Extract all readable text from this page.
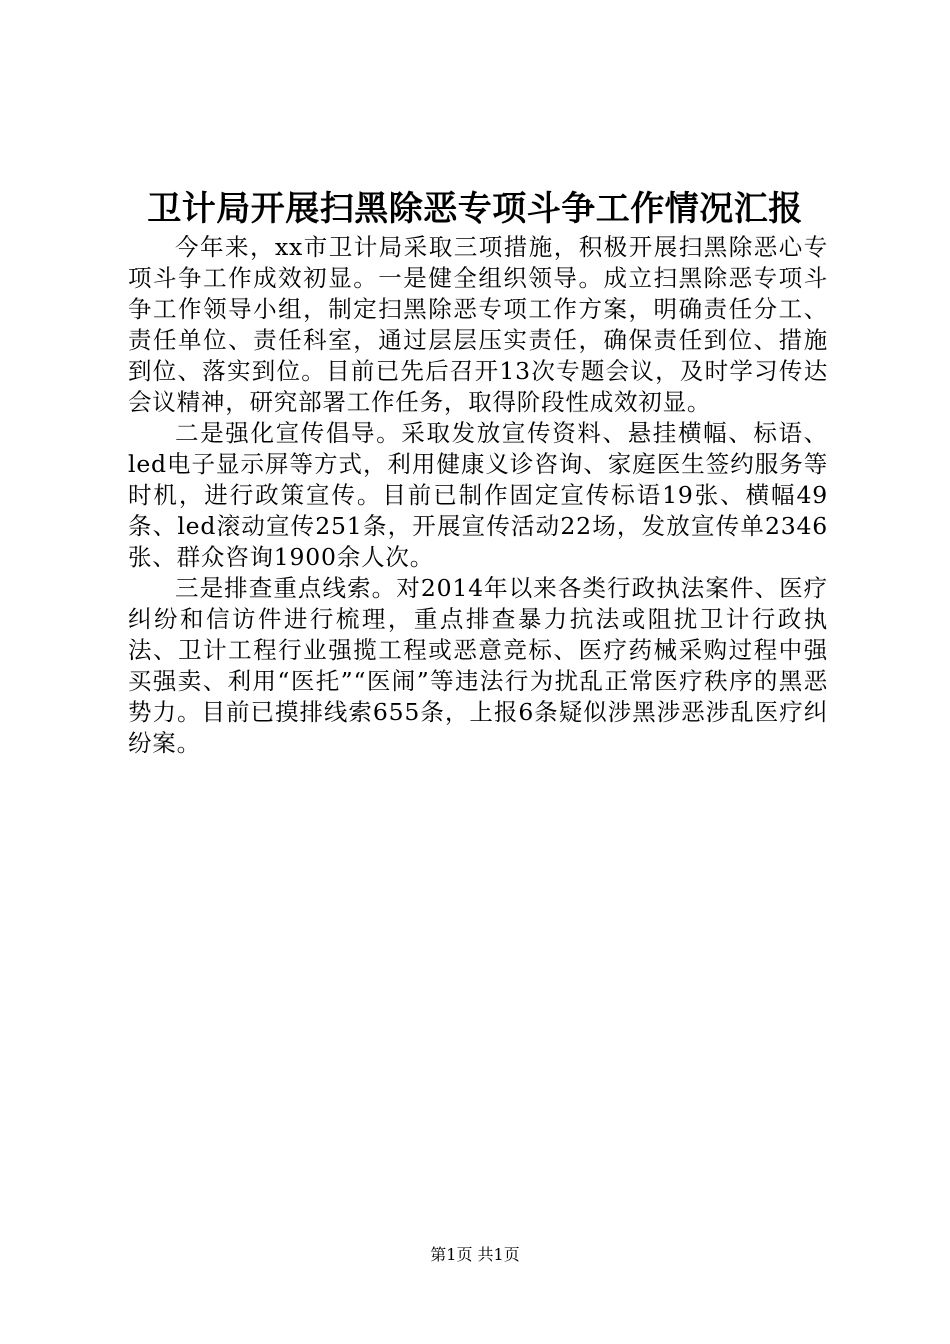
卫计局开展扫黑除恶专项斗争工作情况汇报

今年来，xx市卫计局采取三项措施，积极开展扫黑除恶心专项斗争工作成效初显。一是健全组织领导。成立扫黑除恶专项斗争工作领导小组，制定扫黑除恶专项工作方案，明确责任分工、责任单位、责任科室，通过层层压实责任，确保责任到位、措施到位、落实到位。目前已先后召开13次专题会议，及时学习传达会议精神，研究部署工作任务，取得阶段性成效初显。

二是强化宣传倡导。采取发放宣传资料、悬挂横幅、标语、led电子显示屏等方式，利用健康义诊咨询、家庭医生签约服务等时机，进行政策宣传。目前已制作固定宣传标语19张、横幅49条、led滚动宣传251条，开展宣传活动22场，发放宣传单2346张、群众咨询1900余人次。

三是排查重点线索。对2014年以来各类行政执法案件、医疗纠纷和信访件进行梳理，重点排查暴力抗法或阻扰卫计行政执法、卫计工程行业强揽工程或恶意竞标、医疗药械采购过程中强买强卖、利用“医托”“医闹”等违法行为扰乱正常医疗秩序的黑恶势力。目前已摸排线索655条，上报6条疑似涉黑涉恶涉乱医疗纠纷案。

第1页 共1页
